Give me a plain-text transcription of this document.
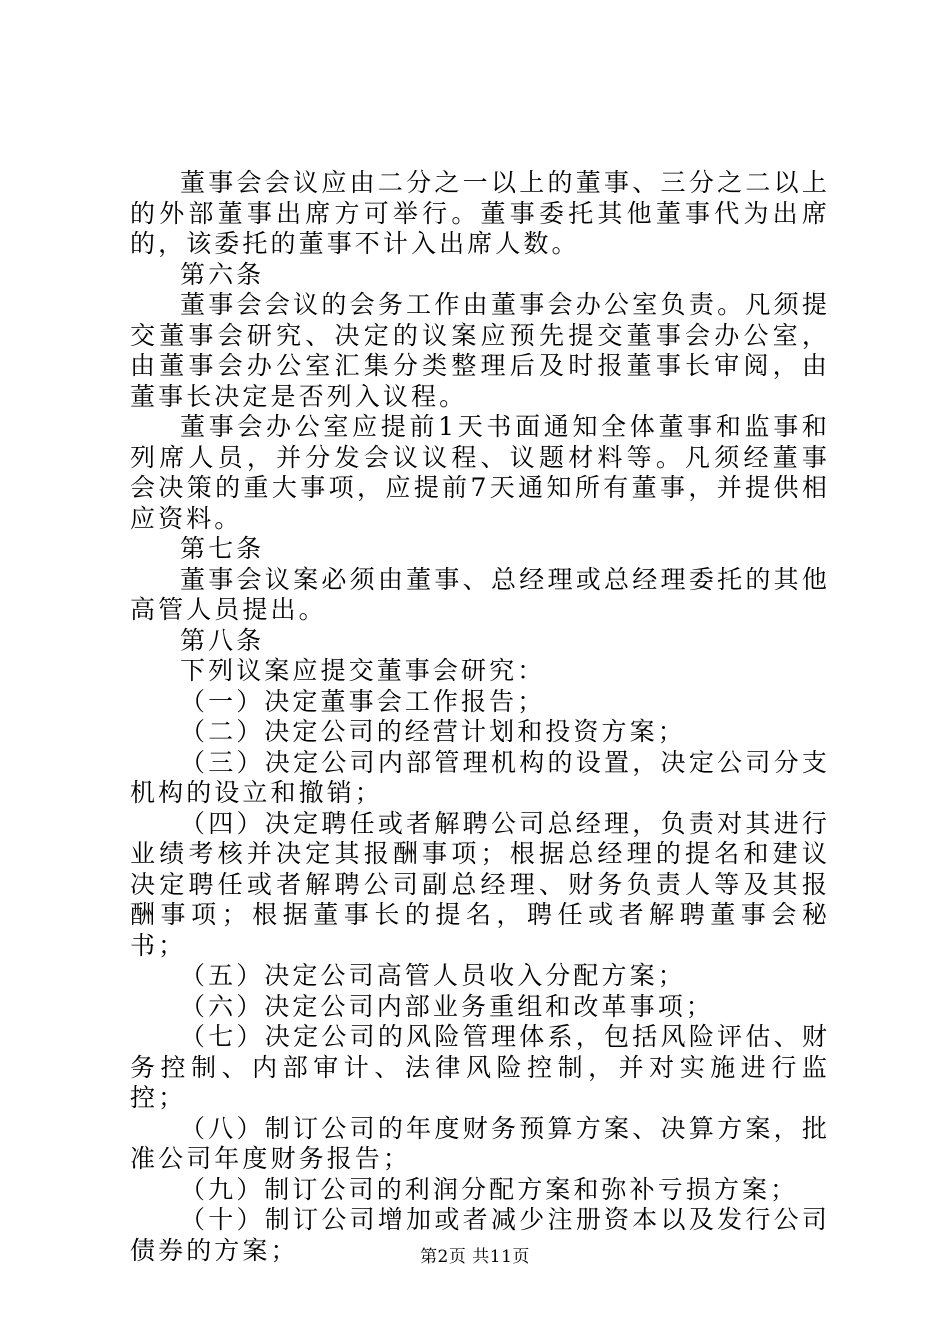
董事会会议应由二分之一以上的董事、三分之二以上的外部董事出席方可举行。董事委托其他董事代为出席的，该委托的董事不计入出席人数。

第六条

董事会会议的会务工作由董事会办公室负责。凡须提交董事会研究、决定的议案应预先提交董事会办公室，由董事会办公室汇集分类整理后及时报董事长审阅，由董事长决定是否列入议程。

董事会办公室应提前1天书面通知全体董事和监事和列席人员，并分发会议议程、议题材料等。凡须经董事会决策的重大事项，应提前7天通知所有董事，并提供相应资料。

第七条

董事会议案必须由董事、总经理或总经理委托的其他高管人员提出。

第八条

下列议案应提交董事会研究：

（一）决定董事会工作报告；

（二）决定公司的经营计划和投资方案；

（三）决定公司内部管理机构的设置，决定公司分支机构的设立和撤销；

（四）决定聘任或者解聘公司总经理，负责对其进行业绩考核并决定其报酬事项；根据总经理的提名和建议决定聘任或者解聘公司副总经理、财务负责人等及其报酬事项；根据董事长的提名，聘任或者解聘董事会秘书；

（五）决定公司高管人员收入分配方案；

（六）决定公司内部业务重组和改革事项；

（七）决定公司的风险管理体系，包括风险评估、财务控制、内部审计、法律风险控制，并对实施进行监控；

（八）制订公司的年度财务预算方案、决算方案，批准公司年度财务报告；

（九）制订公司的利润分配方案和弥补亏损方案；

（十）制订公司增加或者减少注册资本以及发行公司债券的方案；	第2页 共11页
